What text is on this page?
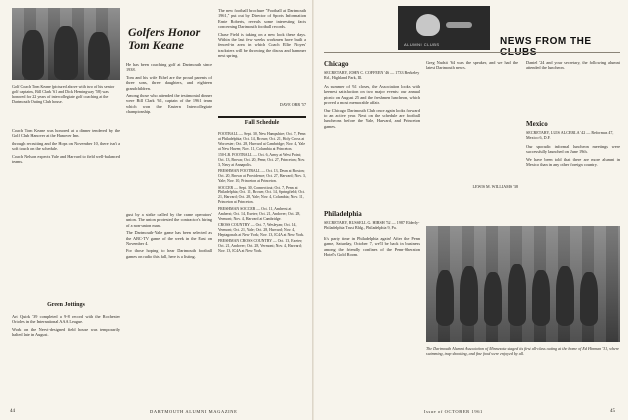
Golfers Honor Tom Keane
Golf Coach Tom Keane (pictured above with two of his senior golf captains, Bill Clark '61 and Dick Hemingway '58) was honored for 22 years of intercollegiate golf coaching at the Dartmouth Outing Club house.

Coach Tom Keane was honored at a dinner tendered by the Golf Club Hanover at the Hanover Inn.

through recruiting and the Hops on November 10, there isn't a soft touch on the schedule.

Coach Nelson expects Yale and Harvard to field well-balanced teams.

Green Jottings

Art Quirk '39 completed a 9-8 record with the Rochester Orioles in the International AAA League.

Work on the Nervi-designed field house was temporarily halted late in August.

He has been coaching golf at Dartmouth since 1938.

Tom and his wife Ethel are the proud parents of three sons, three daughters, and eighteen grandchildren.

Among those who attended the testimonial dinner were Bill Clark '61, captain of the 1961 team which won the Eastern Intercollegiate championship.

gust by a strike called by the crane operators' union. The union protested the contractor's hiring of a non-union man.

The Dartmouth-Yale game has been selected as the ABC-TV game of the week in the East on November 4.

For those hoping to hear Dartmouth football games on radio this fall, here is a listing.

The new football brochure "Football at Dartmouth 1961," put out by Director of Sports Information Ernie Roberts, reveals some interesting facts concerning Dartmouth football records.

Chase Field is taking on a new look these days. Within the last few weeks workmen have built a fenced-in area in which Coach Ellie Noyes' tracksters will be throwing the discus and hammer next spring.

DAVE ORR '57
Fall Schedule
FOOTBALL — Sept. 30, New Hampshire; Oct. 7, Penn at Philadelphia; Oct. 14, Brown; Oct. 21, Holy Cross at Worcester; Oct. 28, Harvard at Cambridge; Nov. 4, Yale at New Haven; Nov. 11, Columbia at Princeton.
150-LB. FOOTBALL — Oct. 6, Army at West Point; Oct. 13, Brown; Oct. 20, Penn; Oct. 27, Princeton; Nov. 3, Navy at Annapolis.
FRESHMAN FOOTBALL — Oct. 13, Dean at Boston; Oct. 20, Brown at Providence; Oct. 27, Harvard; Nov. 3, Yale; Nov. 10, Princeton at Princeton.
SOCCER — Sept. 30, Connecticut; Oct. 7, Penn at Philadelphia; Oct. 11, Brown; Oct. 14, Springfield; Oct. 21, Harvard; Oct. 28, Yale; Nov. 4, Columbia; Nov. 11, Princeton at Princeton.
FRESHMAN SOCCER — Oct. 11, Amherst at Amherst; Oct. 14, Exeter; Oct. 21, Andover; Oct. 28, Vermont; Nov. 4, Harvard at Cambridge.
CROSS COUNTRY — Oct. 7, Wesleyan; Oct. 14, Vermont; Oct. 21, Yale; Oct. 28, Harvard; Nov. 4, Heptagonals at New York; Nov. 13, IC4A at New York.
FRESHMAN CROSS COUNTRY — Oct. 13, Exeter; Oct. 21, Andover; Oct. 28, Vermont; Nov. 4, Harvard; Nov. 13, IC4A at New York.
44	DARTMOUTH ALUMNI MAGAZINE
ALUMNI CLUBS	NEWS FROM THE
Chicago
SECRETARY, JOHN C. COFFEEN '46 — 1733 Berkeley Rd., Highland Park, Ill.

As summer of '61 closes, the Association looks with keenest satisfaction on two major events: our annual picnic on August 25 and the freshmen luncheon, which proved a most memorable affair.

Our Chicago Dartmouth Club once again looks forward to an active year. Next on the schedule are football luncheons before the Yale, Harvard, and Princeton games.

Philadelphia
SECRETARY, RUSSELL G. HIRSH '52 — 1987 Elderly-Philadelphia Trust Bldg., Philadelphia 9, Pa.

It's party time in Philadelphia again! After the Penn game, Saturday, October 7, we'll be back in business among the friendly confines of the Penn-Sheraton Hotel's Gold Room.

Greg Nadsit '64 was the speaker, and we had the latest Dartmouth news.

LEWIS M. WILLIAMS '38

Daniel '24 and your secretary, the following alumni attended the luncheon.

Mexico
SECRETARY, LUIS ALCERLA '42 — Reformas 47, Mexico 6, D.F.

Our sporadic informal luncheon meetings were successfully launched on June 19th.

We have been told that there are more alumni in Mexico than in any other foreign country.

The Dartmouth Alumni Association of Minnesota staged its first all-class outing at the home of Ed Hinman '31, where swimming, trap shooting, and fine food were enjoyed by all.
Issue of OCTOBER 1961	45
